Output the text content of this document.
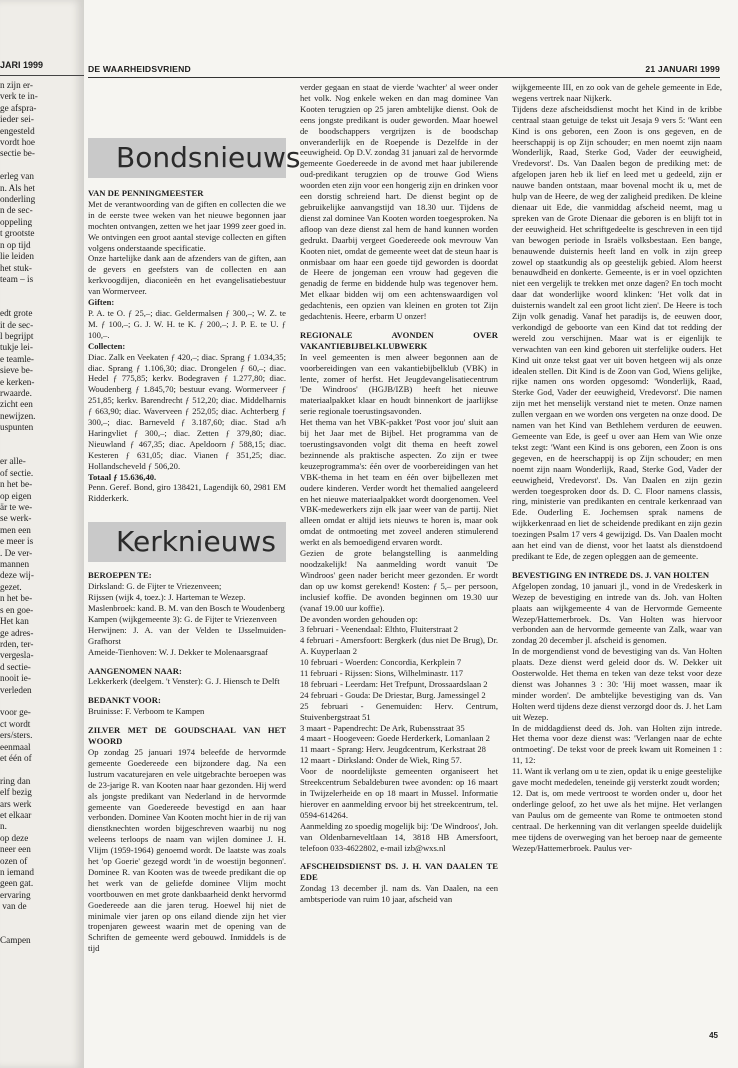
JARI 1999
n zijn er-
verk te in-
ge afspra-
ieder sei-
engesteld
vordt hoe
sectie be-

erleg van
n. Als het
onderling
n de sec-
oppeling
t grootste
n op tijd
lie leiden
het stuk-
team – is

edt grote
it de sec-
l begrijpt
tukje lei-
e teamle-
sieve be-
e kerken-
rwaarde.
zicht een
newijzen.
uspunten

er alle-
of sectie.
n het be-
op eigen
är te we-
se werk-
men een
e meer is
. De ver-
mannen
deze wij-
gezet.
n het be-
s en goe-
Het kan
ge adres-
rden, ter-
vergesla-
d sectie-
nooit ie-
verleden

voor ge-
ct wordt
ers/sters.
eenmaal
et één of

ring dan
elf bezig
ars werk
et elkaar
n.
op deze
neer een
ozen of
n iemand
geen gat.
ervaring
van de

Campen
DE WAARHEIDSVRIEND	21 JANUARI 1999
Bondsnieuws
VAN DE PENNINGMEESTER

Met de verantwoording van de giften en collecten die we in de eerste twee weken van het nieuwe begonnen jaar mochten ontvangen, zetten we het jaar 1999 zeer goed in. We ontvingen een groot aantal stevige collecten en giften volgens onderstaande specificatie.

Onze hartelijke dank aan de afzenders van de giften, aan de gevers en geefsters van de collecten en aan kerkvoogdijen, diaconieën en het evangelisatiebestuur van Wormerveer.

Giften:

P. A. te O. ƒ 25,–; diac. Geldermalsen ƒ 300,–; W. Z. te M. ƒ 100,–; G. J. W. H. te K. ƒ 200,–; J. P. E. te U. ƒ 100,–.

Collecten:

Diac. Zalk en Veekaten ƒ 420,–; diac. Sprang ƒ 1.034,35; diac. Sprang ƒ 1.106,30; diac. Drongelen ƒ 60,–; diac. Hedel ƒ 775,85; kerkv. Bodegraven ƒ 1.277,80; diac. Woudenberg ƒ 1.845,70; bestuur evang. Wormerveer ƒ 251,85; kerkv. Barendrecht ƒ 512,20; diac. Middelharnis ƒ 663,90; diac. Waverveen ƒ 252,05; diac. Achterberg ƒ 300,–; diac. Barneveld ƒ 3.187,60; diac. Stad a/h Haringvliet ƒ 300,–; diac. Zetten ƒ 379,80; diac. Nieuwland ƒ 467,35; diac. Apeldoorn ƒ 588,15; diac. Kesteren ƒ 631,05; diac. Vianen ƒ 351,25; diac. Hollandscheveld ƒ 506,20.

Totaal ƒ 15.636,40.

Penn. Geref. Bond, giro 138421, Lagendijk 60, 2981 EM Ridderkerk.

Kerknieuws
BEROEPEN TE:

Dirksland: G. de Fijter te Vriezenveen;
Rijssen (wijk 4, toez.): J. Harteman te Wezep.
Maslenbroek: kand. B. M. van den Bosch te Woudenberg
Kampen (wijkgemeente 3): G. de Fijter te Vriezenveen
Herwijnen: J. A. van der Velden te IJsselmuiden-Grafhorst
Ameide-Tienhoven: W. J. Dekker te Molenaarsgraaf

AANGENOMEN NAAR:

Lekkerkerk (deelgem. 't Venster): G. J. Hiensch te Delft

BEDANKT VOOR:

Bruinisse: F. Verboom te Kampen

ZILVER MET DE GOUDSCHAAL VAN HET WOORD

Op zondag 25 januari 1974 beleefde de hervormde gemeente Goedereede een bijzondere dag. Na een lustrum vacaturejaren en vele uitgebrachte beroepen was de 23-jarige R. van Kooten naar haar gezonden. Hij werd als jongste predikant van Nederland in de hervormde gemeente van Goedereede bevestigd en aan haar verbonden. Dominee Van Kooten mocht hier in de rij van dienstknechten worden bijgeschreven waarbij nu nog weleens terloops de naam van wijlen dominee J. H. Vlijm (1959-1964) genoemd wordt. De laatste was zoals het 'op Goerie' gezegd wordt 'in de woestijn begonnen'. Dominee R. van Kooten was de tweede predikant die op het werk van de geliefde dominee Vlijm mocht voortbouwen en met grote dankbaarheid denkt hervormd Goedereede aan die jaren terug. Hoewel hij niet de minimale vier jaren op ons eiland diende zijn het vier tropenjaren geweest waarin met de opening van de Schriften de gemeente werd gebouwd. Inmiddels is de tijd

verder gegaan en staat de vierde 'wachter' al weer onder het volk. Nog enkele weken en dan mag dominee Van Kooten terugzien op 25 jaren ambtelijke dienst. Ook de eens jongste predikant is ouder geworden. Maar hoewel de boodschappers vergrijzen is de boodschap onveranderlijk en de Roepende is Dezelfde in der eeuwigheid. Op D.V. zondag 31 januari zal de hervormde gemeente Goedereede in de avond met haar jubilerende oud-predikant terugzien op de trouwe God Wiens woorden eten zijn voor een hongerig zijn en drinken voor een dorstig schreiend hart. De dienst begint op de gebruikelijke aanvangstijd van 18.30 uur. Tijdens de dienst zal dominee Van Kooten worden toegesproken. Na afloop van deze dienst zal hem de hand kunnen worden gedrukt. Daarbij vergeet Goedereede ook mevrouw Van Kooten niet, omdat de gemeente weet dat de steun haar is onmisbaar om haar een goede tijd geworden is doordat de Heere de jongeman een vrouw had gegeven die genadig de ferme en biddende hulp was tegenover hem. Met elkaar bidden wij om een achtenswaardigen vol gedachtenis, een opzien van kleinen en groten tot Zijn gedachtenis. Heere, erbarm U onzer!

REGIONALE AVONDEN OVER VAKANTIEBIJBELKLUBWERK

In veel gemeenten is men alweer begonnen aan de voorbereidingen van een vakantiebijbelklub (VBK) in lente, zomer of herfst. Het Jeugdevangelisatiecentrum 'De Windroos' (HGJB/IZB) heeft het nieuwe materiaalpakket klaar en houdt binnenkort de jaarlijkse serie regionale toerustingsavonden.

Het thema van het VBK-pakket 'Post voor jou' sluit aan bij het Jaar met de Bijbel. Het programma van de toerustingsavonden volgt dit thema en heeft zowel bezinnende als praktische aspecten. Zo zijn er twee keuzeprogramma's: één over de voorbereidingen van het VBK-thema in het team en één over bijbellezen met oudere kinderen. Verder wordt het themalied aangeleerd en het nieuwe materiaalpakket wordt doorgenomen. Veel VBK-medewerkers zijn elk jaar weer van de partij. Niet alleen omdat er altijd iets nieuws te horen is, maar ook omdat de ontmoeting met zoveel anderen stimulerend werkt en als bemoedigend ervaren wordt.

Gezien de grote belangstelling is aanmelding noodzakelijk! Na aanmelding wordt vanuit 'De Windroos' geen nader bericht meer gezonden. Er wordt dan op uw komst gerekend! Kosten: ƒ 5,– per persoon, inclusief koffie. De avonden beginnen om 19.30 uur (vanaf 19.00 uur koffie).

De avonden worden gehouden op:
3 februari - Veenendaal: Elthto, Fluiterstraat 2
4 februari - Amersfoort: Bergkerk (dus niet De Brug), Dr. A. Kuyperlaan 2
10 februari - Woerden: Concordia, Kerkplein 7
11 februari - Rijssen: Sions, Wilhelminastr. 117
18 februari - Leerdam: Het Trefpunt, Drossaardslaan 2
24 februari - Gouda: De Driestar, Burg. Jamessingel 2
25 februari - Genemuiden: Herv. Centrum, Stuivenbergstraat 51
3 maart - Papendrecht: De Ark, Rubensstraat 35
4 maart - Hoogeveen: Goede Herderkerk, Lomanlaan 2
11 maart - Sprang: Herv. Jeugdcentrum, Kerkstraat 28
12 maart - Dirksland: Onder de Wiek, Ring 57.

Voor de noordelijkste gemeenten organiseert het Streekcentrum Sebaldeburen twee avonden: op 16 maart in Twijzelerheide en op 18 maart in Mussel. Informatie hierover en aanmelding ervoor bij het streekcentrum, tel. 0594-614264.
Aanmelding zo spoedig mogelijk bij: 'De Windroos', Joh. van Oldenbarneveltlaan 14, 3818 HB Amersfoort, telefoon 033-4622802, e-mail izb@wxs.nl

AFSCHEIDSDIENST DS. J. H. VAN DAALEN TE EDE

Zondag 13 december jl. nam ds. Van Daalen, na een ambtsperiode van ruim 10 jaar, afscheid van

wijkgemeente III, en zo ook van de gehele gemeente in Ede, wegens vertrek naar Nijkerk.
Tijdens deze afscheidsdienst mocht het Kind in de kribbe centraal staan getuige de tekst uit Jesaja 9 vers 5: 'Want een Kind is ons geboren, een Zoon is ons gegeven, en de heerschappij is op Zijn schouder; en men noemt zijn naam Wonderlijk, Raad, Sterke God, Vader der eeuwigheid, Vredevorst'. Ds. Van Daalen begon de prediking met: de afgelopen jaren heb ik lief en leed met u gedeeld, zijn er nauwe banden ontstaan, maar bovenal mocht ik u, met de hulp van de Heere, de weg der zaligheid prediken. De kleine dienaar uit Ede, die vanmiddag afscheid neemt, mag u spreken van de Grote Dienaar die geboren is en blijft tot in der eeuwigheid. Het schriftgedeelte is geschreven in een tijd van bewogen periode in Israëls volksbestaan. Een bange, benauwende duisternis heeft land en volk in zijn greep zowel op staatkundig als op geestelijk gebied. Alom heerst benauwdheid en donkerte. Gemeente, is er in voel opzichten niet een vergelijk te trekken met onze dagen? En toch mocht daar dat wonderlijke woord klinken: 'Het volk dat in duisternis wandelt zal een groot licht zien'. De Heere is toch Zijn volk genadig. Vanaf het paradijs is, de eeuwen door, verkondigd de geboorte van een Kind dat tot redding der wereld zou verschijnen. Maar wat is er eigenlijk te verwachten van een kind geboren uit sterfelijke ouders. Het Kind uit onze tekst gaat ver uit boven hetgeen wij als onze idealen stellen. Dit Kind is de Zoon van God, Wiens gelijke, rijke namen ons worden opgesomd: 'Wonderlijk, Raad, Sterke God, Vader der eeuwigheid, Vredevorst'. Die namen zijn met het menselijk verstand niet te meten. Onze namen zullen vergaan en we worden ons vergeten na onze dood. De namen van het Kind van Bethlehem verduren de eeuwen. Gemeente van Ede, is geef u over aan Hem van Wie onze tekst zegt: 'Want een Kind is ons geboren, een Zoon is ons gegeven, en de heerschappij is op Zijn schouder; en men noemt zijn naam Wonderlijk, Raad, Sterke God, Vader der eeuwigheid, Vredevorst'. Ds. Van Daalen en zijn gezin werden toegesproken door ds. D. C. Floor namens classis, ring, ministerie van predikanten en centrale kerkenraad van Ede. Ouderling E. Jochemsen sprak namens de wijkkerkenraad en liet de scheidende predikant en zijn gezin toezingen Psalm 17 vers 4 gewijzigd. Ds. Van Daalen mocht aan het eind van de dienst, voor het laatst als dienstdoend predikant te Ede, de zegen opleggen aan de gemeente.

BEVESTIGING EN INTREDE DS. J. VAN HOLTEN

Afgelopen zondag, 10 januari jl., vond in de Vredeskerk in Wezep de bevestiging en intrede van ds. Joh. van Holten plaats aan wijkgemeente 4 van de Hervormde Gemeente Wezep/Hattemerbroek. Ds. Van Holten was hiervoor verbonden aan de hervormde gemeente van Zalk, waar van zondag 20 december jl. afscheid is genomen.

In de morgendienst vond de bevestiging van ds. Van Holten plaats. Deze dienst werd geleid door ds. W. Dekker uit Oosterwolde. Het thema en teken van deze tekst voor deze dienst was Johannes 3 : 30: 'Hij moet wassen, maar ik minder worden'. De ambtelijke bevestiging van ds. Van Holten werd tijdens deze dienst verzorgd door ds. J. het Lam uit Wezep.

In de middagdienst deed ds. Joh. van Holten zijn intrede. Het thema voor deze dienst was: 'Verlangen naar de echte ontmoeting'. De tekst voor de preek kwam uit Romeinen 1 : 11, 12:
11. Want ik verlang om u te zien, opdat ik u enige geestelijke gave mocht mededelen, teneinde gij versterkt zoudt worden;
12. Dat is, om mede vertroost te worden onder u, door het onderlinge geloof, zo het uwe als het mijne. Het verlangen van Paulus om de gemeente van Rome te ontmoeten stond centraal. De herkenning van dit verlangen speelde duidelijk mee tijdens de overweging van het beroep naar de gemeente Wezep/Hattemerbroek. Paulus ver-

45
